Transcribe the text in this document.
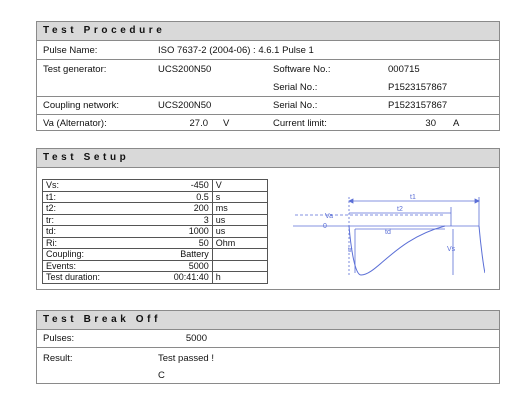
Test Procedure
Pulse Name:	ISO 7637-2 (2004-06) : 4.6.1 Pulse 1
Test generator:	UCS200N50	Software No.:	000715
Serial No.:	P1523157867
Coupling network:	UCS200N50	Serial No.:	P1523157867
Va (Alternator):	27.0 V	Current limit:	30 A
Test Setup
Vs:	-450	V
t1:	0.5	s
t2:	200	ms
tr:	3	us
td:	1000	us
Ri:	50	Ohm
Coupling:	Battery	
Events:	5000	
Test duration:	00:41:40	h
t1
t2
td
tr
Va
Vs
0
Test Break Off
Pulses:	5000
Result:	Test passed !
C
